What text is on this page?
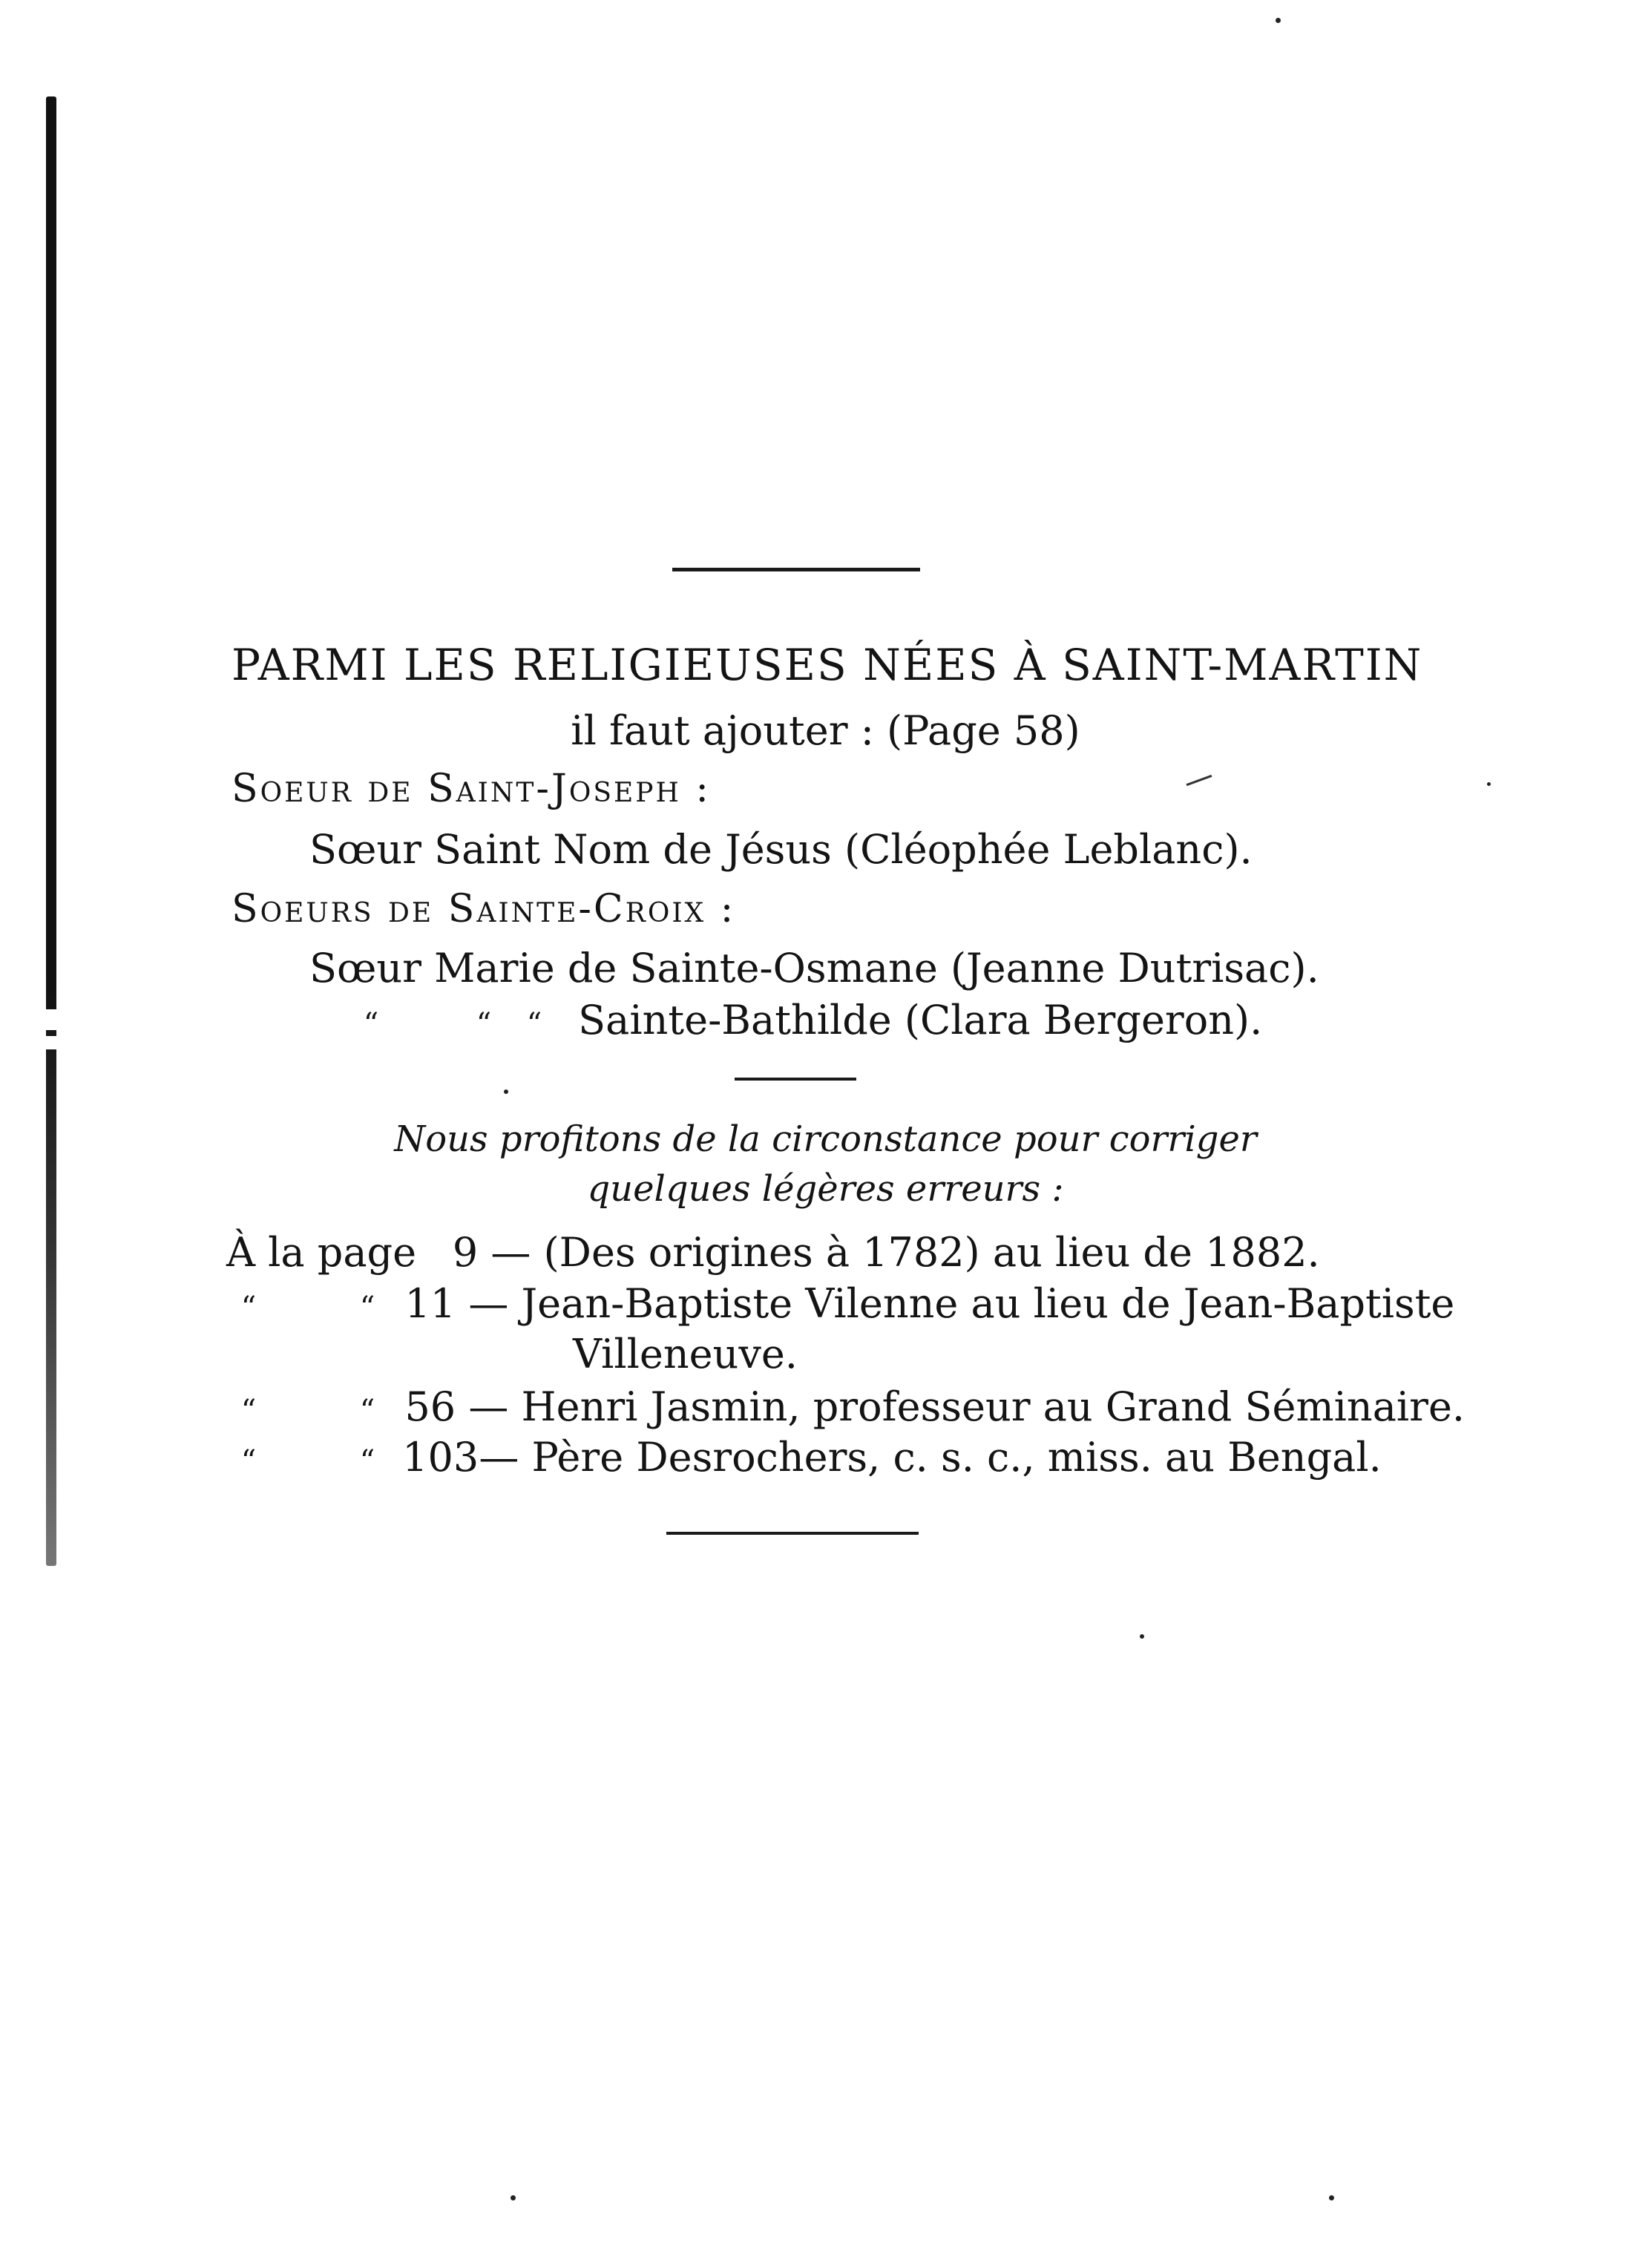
PARMI LES RELIGIEUSES NÉES À SAINT-MARTIN
il faut ajouter : (Page 58)
Soeur de Saint-Joseph :
Sœur Saint Nom de Jésus (Cléophée Leblanc).
Soeurs de Sainte-Croix :
Sœur Marie de Sainte-Osmane (Jeanne Dutrisac).
“	“ “ Sainte-Bathilde (Clara Bergeron).
Nous profitons de la circonstance pour corriger
quelques légères erreurs :
À la page 9 — (Des origines à 1782) au lieu de 1882.
“	“ 11 — Jean-Baptiste Vilenne au lieu de Jean-Baptiste
Villeneuve.
“	“ 56 — Henri Jasmin, professeur au Grand Séminaire.
“	“ 103 — Père Desrochers, c. s. c., miss. au Bengal.
